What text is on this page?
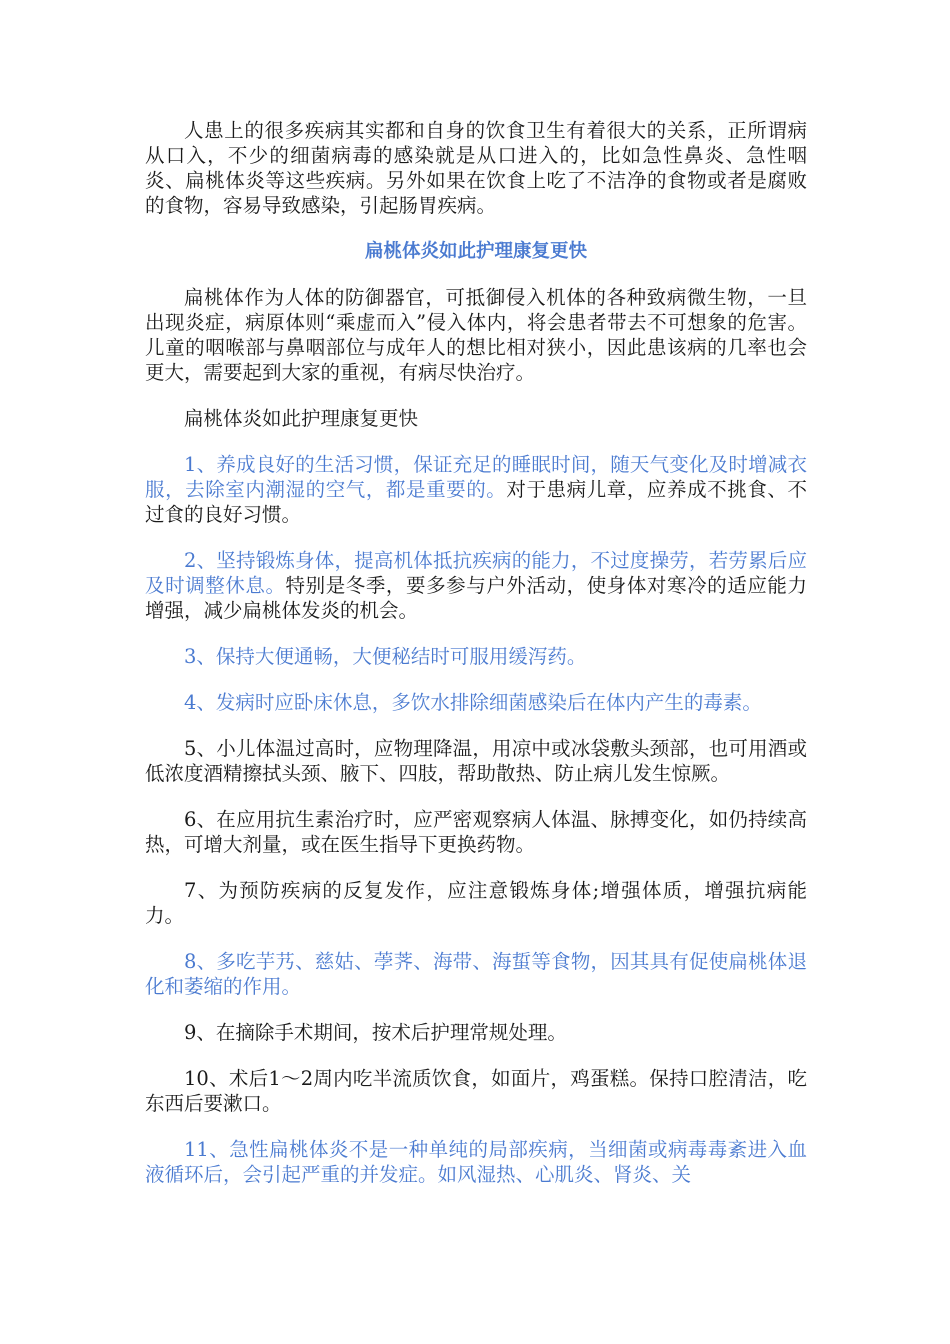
人患上的很多疾病其实都和自身的饮食卫生有着很大的关系，正所谓病从口入，不少的细菌病毒的感染就是从口进入的，比如急性鼻炎、急性咽炎、扁桃体炎等这些疾病。另外如果在饮食上吃了不洁净的食物或者是腐败的食物，容易导致感染，引起肠胃疾病。

扁桃体炎如此护理康复更快

扁桃体作为人体的防御器官，可抵御侵入机体的各种致病微生物，一旦出现炎症，病原体则“乘虚而入”侵入体内，将会患者带去不可想象的危害。儿童的咽喉部与鼻咽部位与成年人的想比相对狭小，因此患该病的几率也会更大，需要起到大家的重视，有病尽快治疗。

扁桃体炎如此护理康复更快

1、养成良好的生活习惯，保证充足的睡眠时间，随天气变化及时增减衣服，去除室内潮湿的空气，都是重要的。对于患病儿章，应养成不挑食、不过食的良好习惯。

2、坚持锻炼身体，提高机体抵抗疾病的能力，不过度操劳，若劳累后应及时调整休息。特别是冬季，要多参与户外活动，使身体对寒冷的适应能力增强，减少扁桃体发炎的机会。

3、保持大便通畅，大便秘结时可服用缓泻药。

4、发病时应卧床休息，多饮水排除细菌感染后在体内产生的毒素。

5、小儿体温过高时，应物理降温，用凉中或冰袋敷头颈部，也可用酒或低浓度酒精擦拭头颈、腋下、四肢，帮助散热、防止病儿发生惊厥。

6、在应用抗生素治疗时，应严密观察病人体温、脉搏变化，如仍持续高热，可增大剂量，或在医生指导下更换药物。

7、为预防疾病的反复发作，应注意锻炼身体;增强体质，增强抗病能力。

8、多吃芋艿、慈姑、荸荠、海带、海蜇等食物，因其具有促使扁桃体退化和萎缩的作用。

9、在摘除手术期间，按术后护理常规处理。

10、术后1～2周内吃半流质饮食，如面片，鸡蛋糕。保持口腔清洁，吃东西后要漱口。

11、急性扁桃体炎不是一种单纯的局部疾病，当细菌或病毒毒紊进入血液循环后，会引起严重的并发症。如风湿热、心肌炎、肾炎、关
